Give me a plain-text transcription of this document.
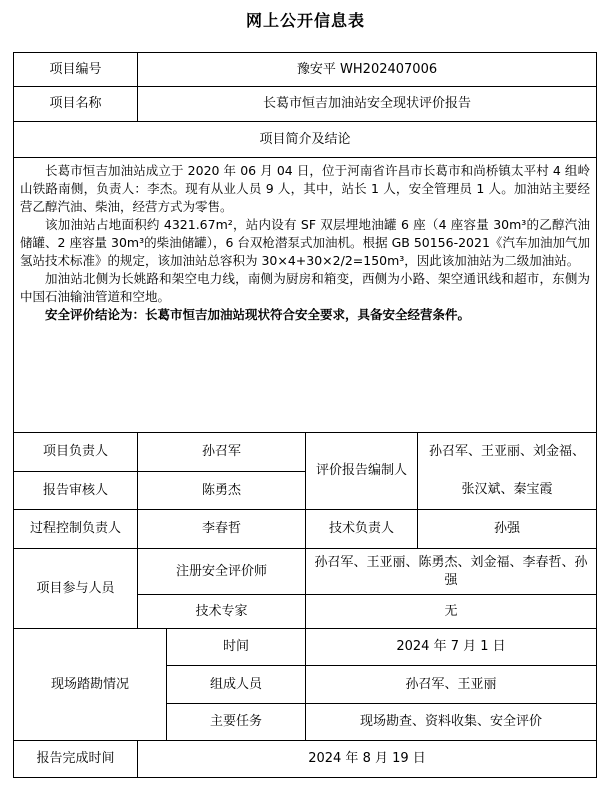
网上公开信息表
项目编号	豫安平 WH202407006			
项目名称	长葛市恒吉加油站安全现状评价报告			
项目简介及结论				

长葛市恒吉加油站成立于 2020 年 06 月 04 日，位于河南省许昌市长葛市和尚桥镇太平村 4 组岭山铁路南侧，负责人：李杰。现有从业人员 9 人，其中，站长 1 人，安全管理员 1 人。加油站主要经营乙醇汽油、柴油，经营方式为零售。

该加油站占地面积约 4321.67m²，站内设有 SF 双层埋地油罐 6 座（4 座容量 30m³的乙醇汽油储罐、2 座容量 30m³的柴油储罐），6 台双枪潜泵式加油机。根据 GB 50156-2021《汽车加油加气加氢站技术标准》的规定，该加油站总容积为 30×4+30×2/2=150m³，因此该加油站为二级加油站。

加油站北侧为长姚路和架空电力线，南侧为厨房和箱变，西侧为小路、架空通讯线和超市，东侧为中国石油输油管道和空地。

安全评价结论为：长葛市恒吉加油站现状符合安全要求，具备安全经营条件。				

项目负责人	孙召军		评价报告编制人	孙召军、王亚丽、刘金福、
张汉斌、秦宝霞

报告审核人	陈勇杰			
过程控制负责人	李春哲		技术负责人	孙强
项目参与人员	注册安全评价师		孙召军、王亚丽、陈勇杰、刘金福、李春哲、孙强	
	技术专家		无	
现场踏勘情况		时间	2024 年 7 月 1 日	
		组成人员	孙召军、王亚丽	
		主要任务	现场勘查、资料收集、安全评价	
报告完成时间	2024 年 8 月 19 日			
